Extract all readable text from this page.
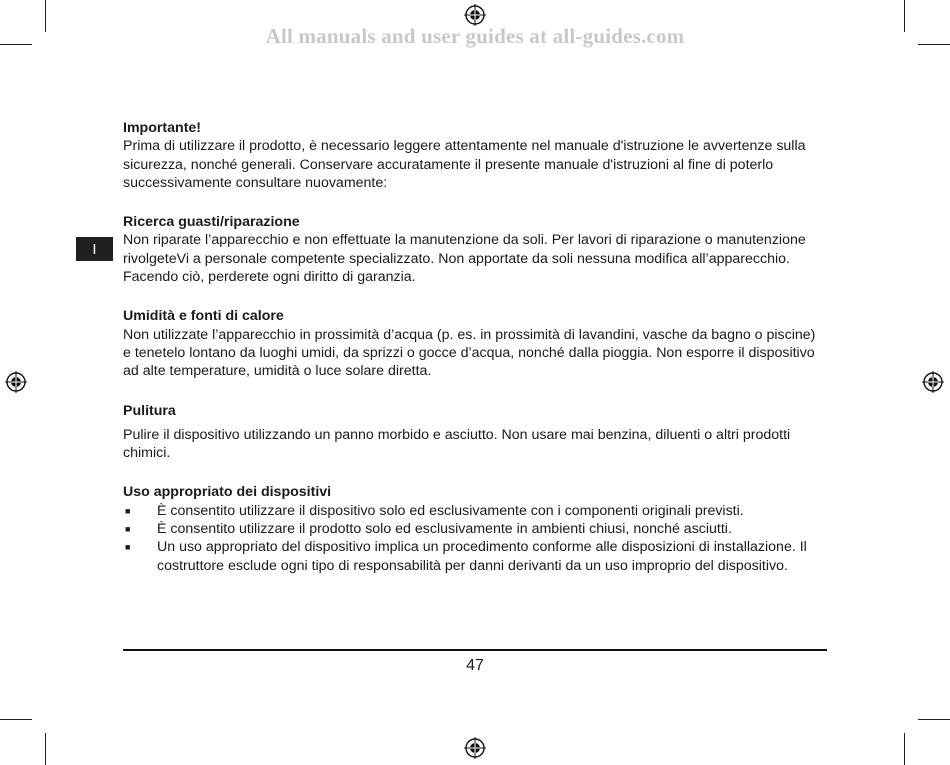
All manuals and user guides at all-guides.com
I
Importante!

Prima di utilizzare il prodotto, è necessario leggere attentamente nel manuale d'istruzione le avvertenze sulla sicurezza, nonché generali. Conservare accuratamente il presente manuale d'istruzioni al fine di poterlo successivamente consultare nuovamente:

Ricerca guasti/riparazione

Non riparate l’apparecchio e non effettuate la manutenzione da soli. Per lavori di riparazione o manutenzione rivolgeteVi a personale competente specializzato. Non apportate da soli nessuna modifica all’apparecchio. Facendo ciò, perderete ogni diritto di garanzia.

Umidità e fonti di calore

Non utilizzate l’apparecchio in prossimità d’acqua (p. es. in prossimità di lavandini, vasche da bagno o piscine) e tenetelo lontano da luoghi umidi, da sprizzi o gocce d’acqua, nonché dalla pioggia. Non esporre il dispositivo ad alte temperature, umidità o luce solare diretta.

Pulitura

Pulire il dispositivo utilizzando un panno morbido e asciutto. Non usare mai benzina, diluenti o altri prodotti chimici.

Uso appropriato dei dispositivi
■ È consentito utilizzare il dispositivo solo ed esclusivamente con i componenti originali previsti.
■ È consentito utilizzare il prodotto solo ed esclusivamente in ambienti chiusi, nonché asciutti.
■ Un uso appropriato del dispositivo implica un procedimento conforme alle disposizioni di installazione. Il costruttore esclude ogni tipo di responsabilità per danni derivanti da un uso improprio del dispositivo.
47
